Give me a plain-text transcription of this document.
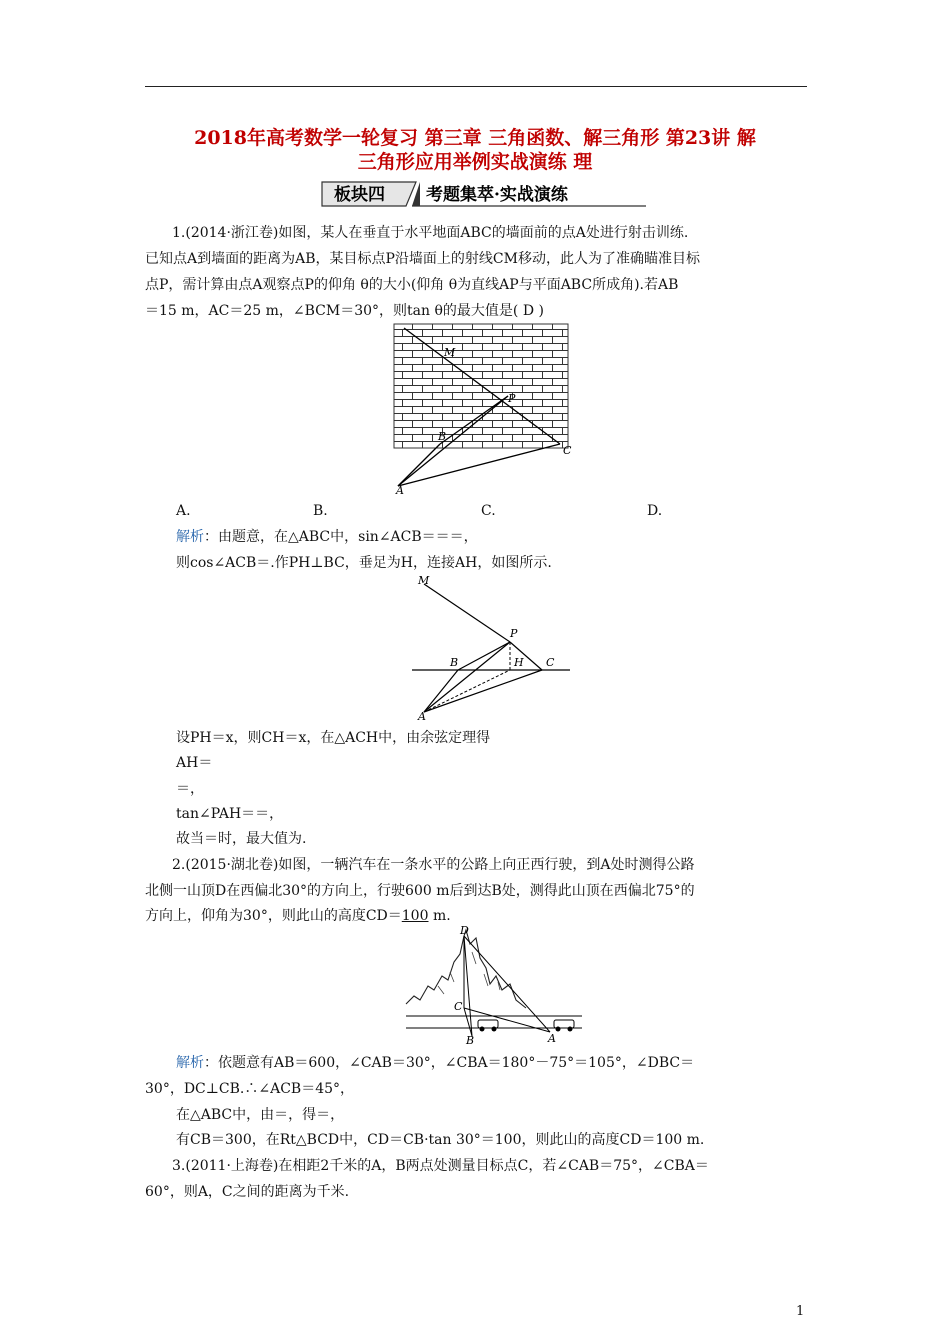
2018年高考数学一轮复习 第三章 三角函数、解三角形 第23讲 解
三角形应用举例实战演练 理
板块四 考题集萃·实战演练
1.(2014·浙江卷)如图，某人在垂直于水平地面ABC的墙面前的点A处进行射击训练.
已知点A到墙面的距离为AB，某目标点P沿墙面上的射线CM移动，此人为了准确瞄准目标
点P，需计算由点A观察点P的仰角 θ的大小(仰角 θ为直线AP与平面ABC所成角).若AB
＝15 m，AC＝25 m，∠BCM＝30°，则tan θ的最大值是( D )
M
P
B
C
A
A.	B.	C.	D.
解析：由题意，在△ABC中，sin∠ACB＝＝＝，
则cos∠ACB＝.作PH⊥BC，垂足为H，连接AH，如图所示.
M
P
B	H C
A
设PH＝x，则CH＝x，在△ACH中，由余弦定理得
AH＝
＝，
tan∠PAH＝＝，
故当＝时，最大值为.
2.(2015·湖北卷)如图，一辆汽车在一条水平的公路上向正西行驶，到A处时测得公路
北侧一山顶D在西偏北30°的方向上，行驶600 m后到达B处，测得此山顶在西偏北75°的
方向上，仰角为30°，则此山的高度CD＝100 m.
D
C
B	A
解析：依题意有AB＝600，∠CAB＝30°，∠CBA＝180°－75°＝105°，∠DBC＝
30°，DC⊥CB.∴∠ACB＝45°，
在△ABC中，由＝，得＝，
有CB＝300，在Rt△BCD中，CD＝CB·tan 30°＝100，则此山的高度CD＝100 m.
3.(2011·上海卷)在相距2千米的A，B两点处测量目标点C，若∠CAB＝75°，∠CBA＝
60°，则A，C之间的距离为千米.
1
